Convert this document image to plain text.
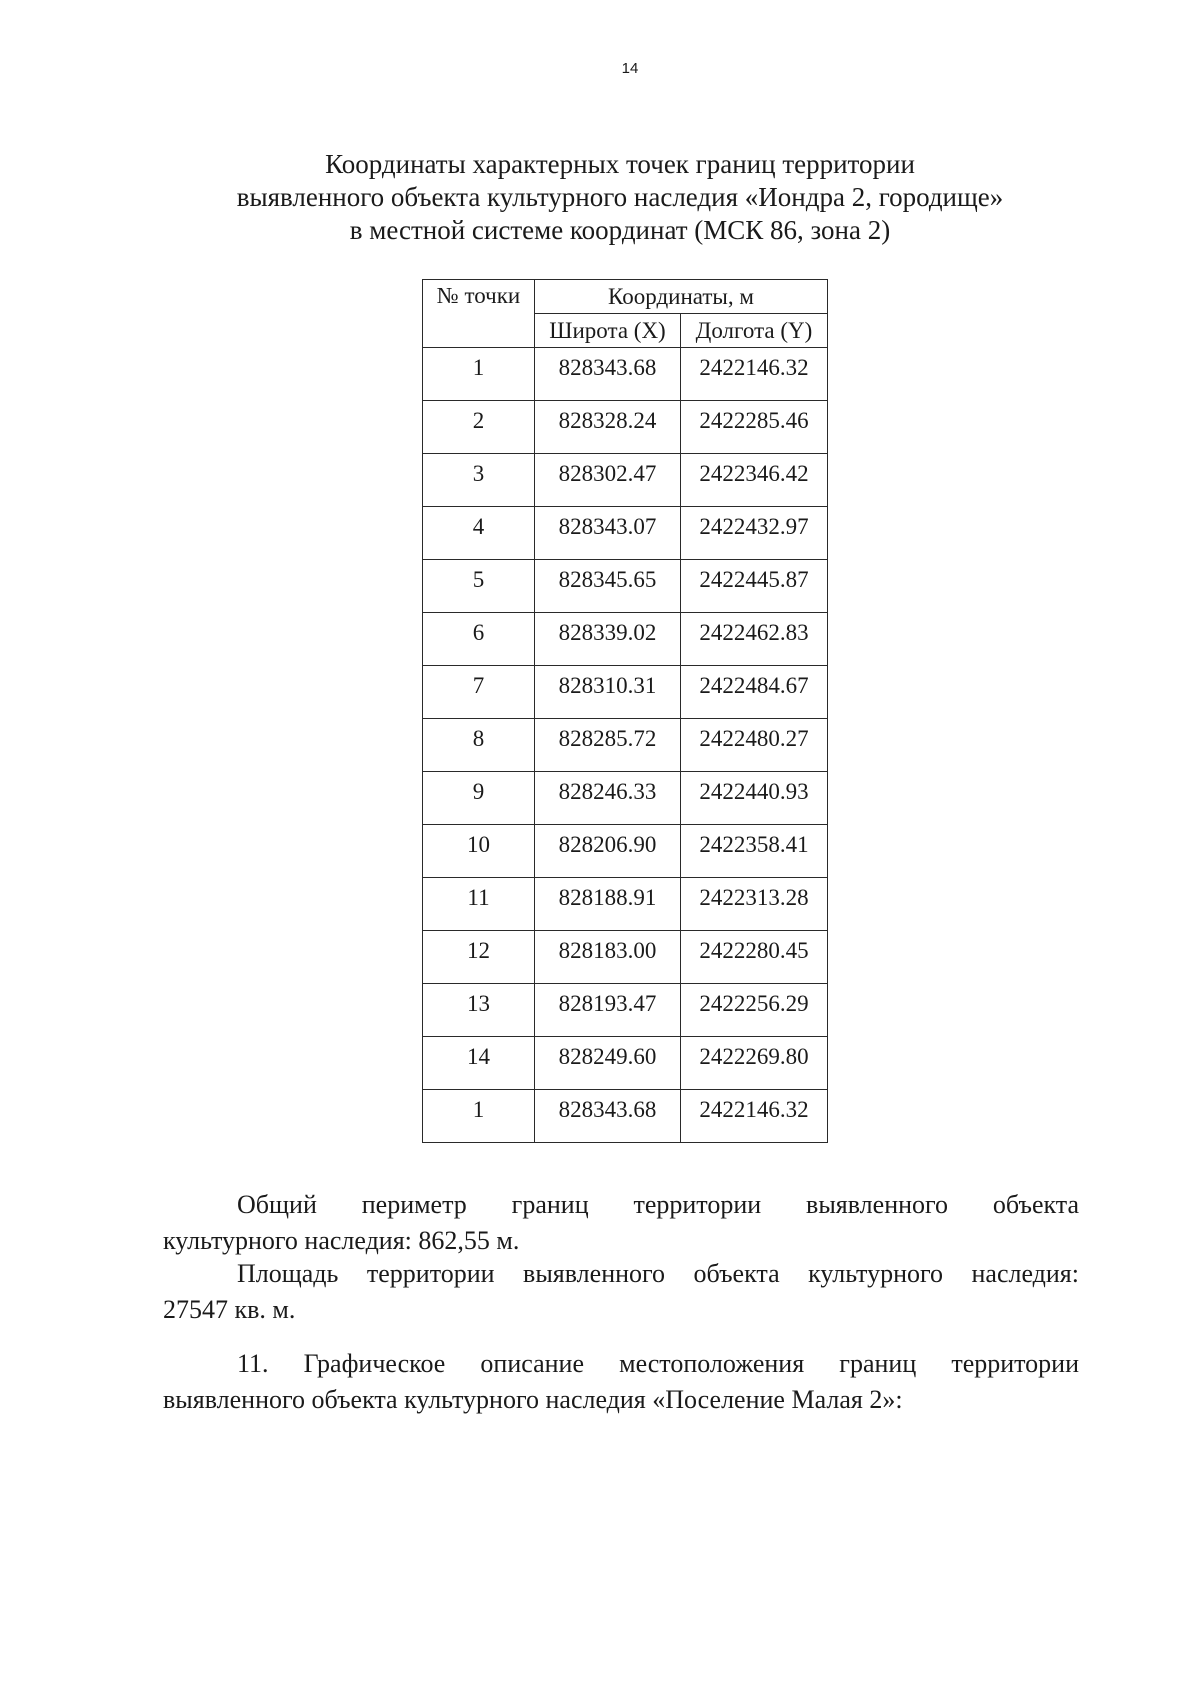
14
Координаты характерных точек границ территории
выявленного объекта культурного наследия «Иондра 2, городище»
в местной системе координат (МСК 86, зона 2)
№ точки	Координаты, м	
	Широта (X)	Долгота (Y)
1	828343.68	2422146.32
2	828328.24	2422285.46
3	828302.47	2422346.42
4	828343.07	2422432.97
5	828345.65	2422445.87
6	828339.02	2422462.83
7	828310.31	2422484.67
8	828285.72	2422480.27
9	828246.33	2422440.93
10	828206.90	2422358.41
11	828188.91	2422313.28
12	828183.00	2422280.45
13	828193.47	2422256.29
14	828249.60	2422269.80
1	828343.68	2422146.32
Общий периметр границ территории выявленного объекта
культурного наследия: 862,55 м.
Площадь территории выявленного объекта культурного наследия:
27547 кв. м.
11. Графическое описание местоположения границ территории
выявленного объекта культурного наследия «Поселение Малая 2»:
